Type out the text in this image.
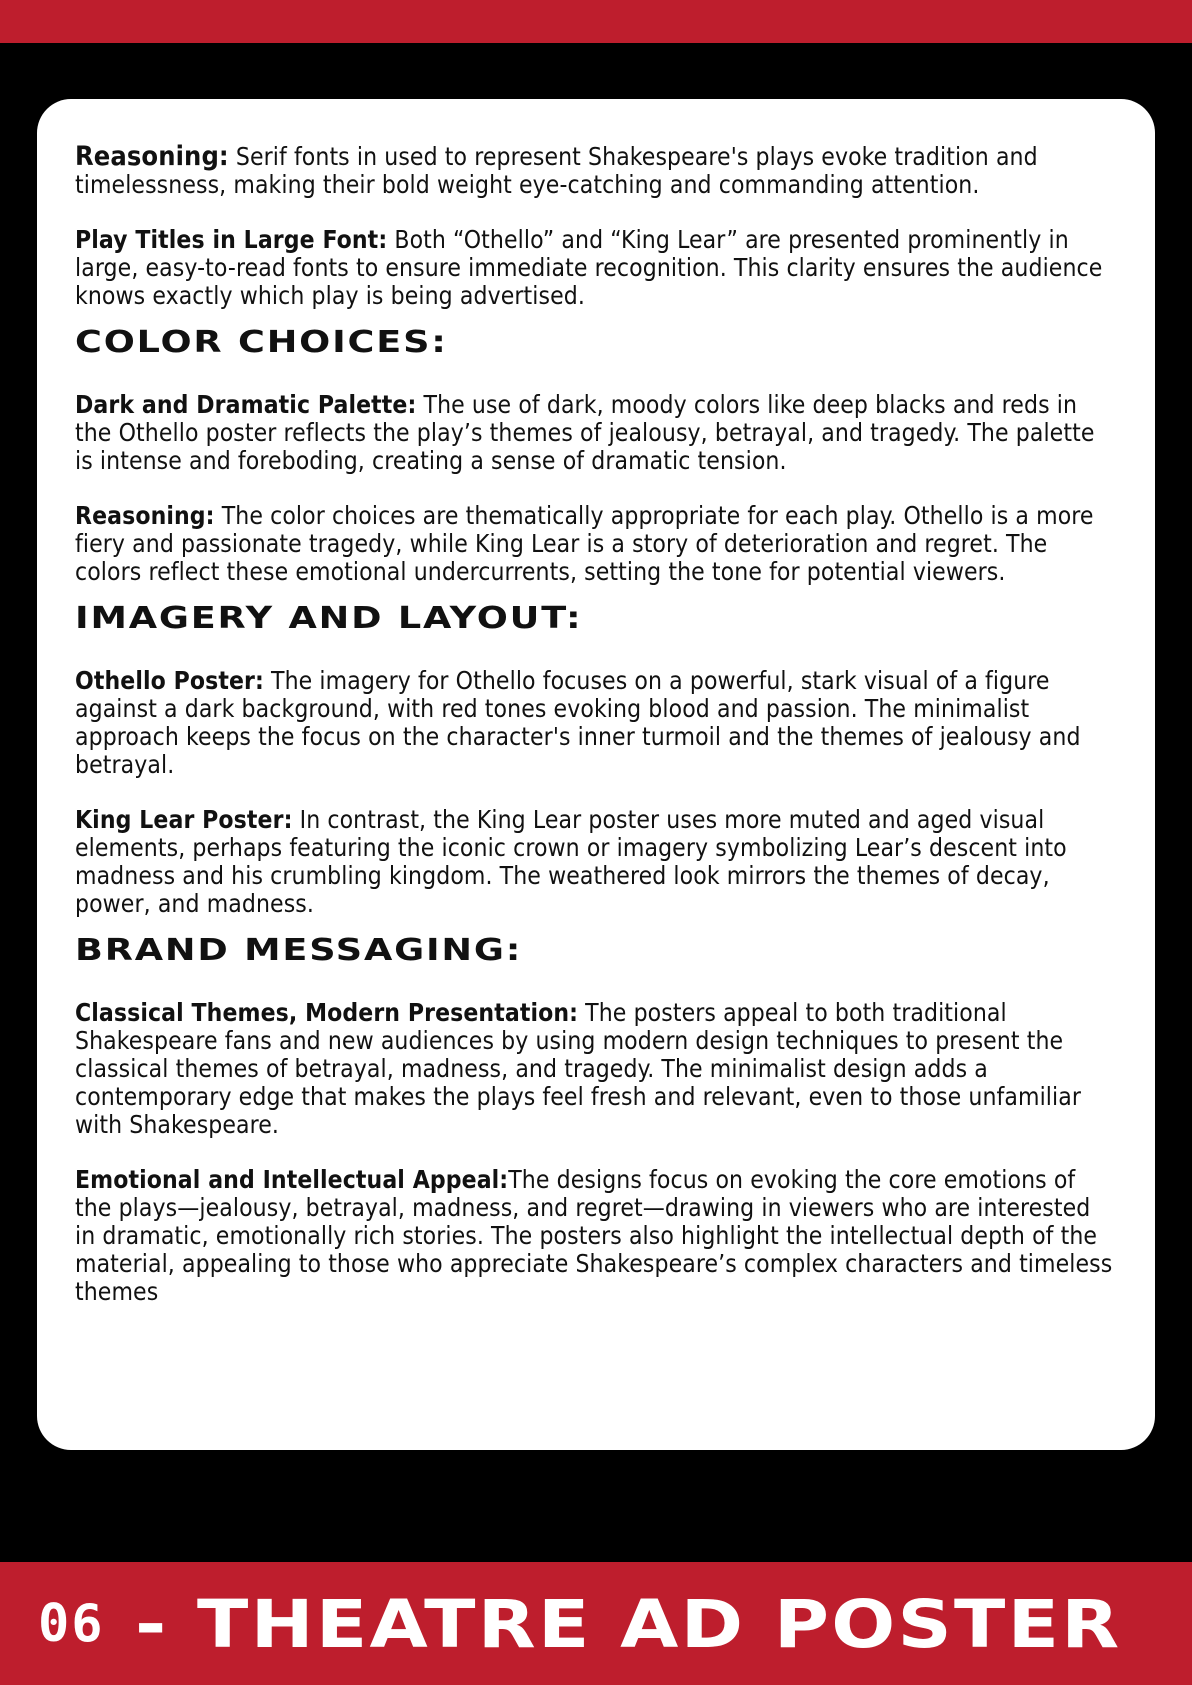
Reasoning: Serif fonts in used to represent Shakespeare's plays evoke tradition and timelessness, making their bold weight eye-catching and commanding attention.

Play Titles in Large Font: Both “Othello” and “King Lear” are presented prominently in large, easy-to-read fonts to ensure immediate recognition. This clarity ensures the audience knows exactly which play is being advertised.

COLOR CHOICES:

Dark and Dramatic Palette: The use of dark, moody colors like deep blacks and reds in the Othello poster reflects the play’s themes of jealousy, betrayal, and tragedy. The palette is intense and foreboding, creating a sense of dramatic tension.

Reasoning: The color choices are thematically appropriate for each play. Othello is a more fiery and passionate tragedy, while King Lear is a story of deterioration and regret. The colors reflect these emotional undercurrents, setting the tone for potential viewers.

IMAGERY AND LAYOUT:

Othello Poster: The imagery for Othello focuses on a powerful, stark visual of a figure against a dark background, with red tones evoking blood and passion. The minimalist approach keeps the focus on the character's inner turmoil and the themes of jealousy and betrayal.

King Lear Poster: In contrast, the King Lear poster uses more muted and aged visual elements, perhaps featuring the iconic crown or imagery symbolizing Lear’s descent into madness and his crumbling kingdom. The weathered look mirrors the themes of decay, power, and madness.

BRAND MESSAGING:

Classical Themes, Modern Presentation: The posters appeal to both traditional Shakespeare fans and new audiences by using modern design techniques to present the classical themes of betrayal, madness, and tragedy. The minimalist design adds a contemporary edge that makes the plays feel fresh and relevant, even to those unfamiliar with Shakespeare.

Emotional and Intellectual Appeal:The designs focus on evoking the core emotions of the plays—jealousy, betrayal, madness, and regret—drawing in viewers who are interested in dramatic, emotionally rich stories. The posters also highlight the intellectual depth of the material, appealing to those who appreciate Shakespeare’s complex characters and timeless themes

06 - THEATRE AD POSTER
